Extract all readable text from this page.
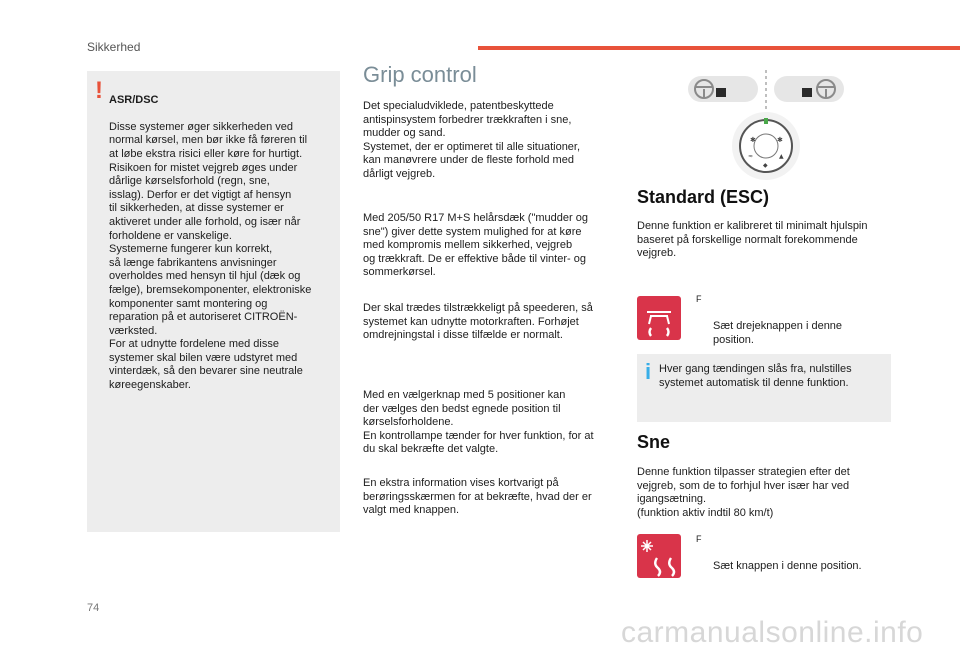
Sikkerhed
! ASR/DSC

Disse systemer øger sikkerheden ved
normal kørsel, men bør ikke få føreren til
at løbe ekstra risici eller køre for hurtigt.
Risikoen for mistet vejgreb øges under
dårlige kørselsforhold (regn, sne,
isslag). Derfor er det vigtigt af hensyn
til sikkerheden, at disse systemer er
aktiveret under alle forhold, og især når
forholdene er vanskelige.
Systemerne fungerer kun korrekt,
så længe fabrikantens anvisninger
overholdes med hensyn til hjul (dæk og
fælge), bremsekomponenter, elektroniske
komponenter samt montering og
reparation på et autoriseret CITROËN-
værksted.
For at udnytte fordelene med disse
systemer skal bilen være udstyret med
vinterdæk, så den bevarer sine neutrale
køreegenskaber.

Grip control
Det specialudviklede, patentbeskyttede
antispinsystem forbedrer trækkraften i sne,
mudder og sand.
Systemet, der er optimeret til alle situationer,
kan manøvrere under de fleste forhold med
dårligt vejgreb.
Med 205/50 R17 M+S helårsdæk ("mudder og
sne") giver dette system mulighed for at køre
med kompromis mellem sikkerhed, vejgreb
og trækkraft. De er effektive både til vinter- og
sommerkørsel.
Der skal trædes tilstrækkeligt på speederen, så
systemet kan udnytte motorkraften. Forhøjet
omdrejningstal i disse tilfælde er normalt.
Med en vælgerknap med 5 positioner kan
der vælges den bedst egnede position til
kørselsforholdene.
En kontrollampe tænder for hver funktion, for at
du skal bekræfte det valgte.
En ekstra information vises kortvarigt på
berøringsskærmen for at bekræfte, hvad der er
valgt med knappen.
✱	✱
≈	▲
◆
Standard (ESC)
Denne funktion er kalibreret til minimalt hjulspin
baseret på forskellige normalt forekommende
vejgreb.

F

Sæt drejeknappen i denne
position.

i Hver gang tændingen slås fra, nulstilles
systemet automatisk til denne funktion.
Sne
Denne funktion tilpasser strategien efter det
vejgreb, som de to forhjul hver især har ved
igangsætning.
(funktion aktiv indtil 80 km/t)

F

Sæt knappen i denne position.

74
carmanualsonline.info
